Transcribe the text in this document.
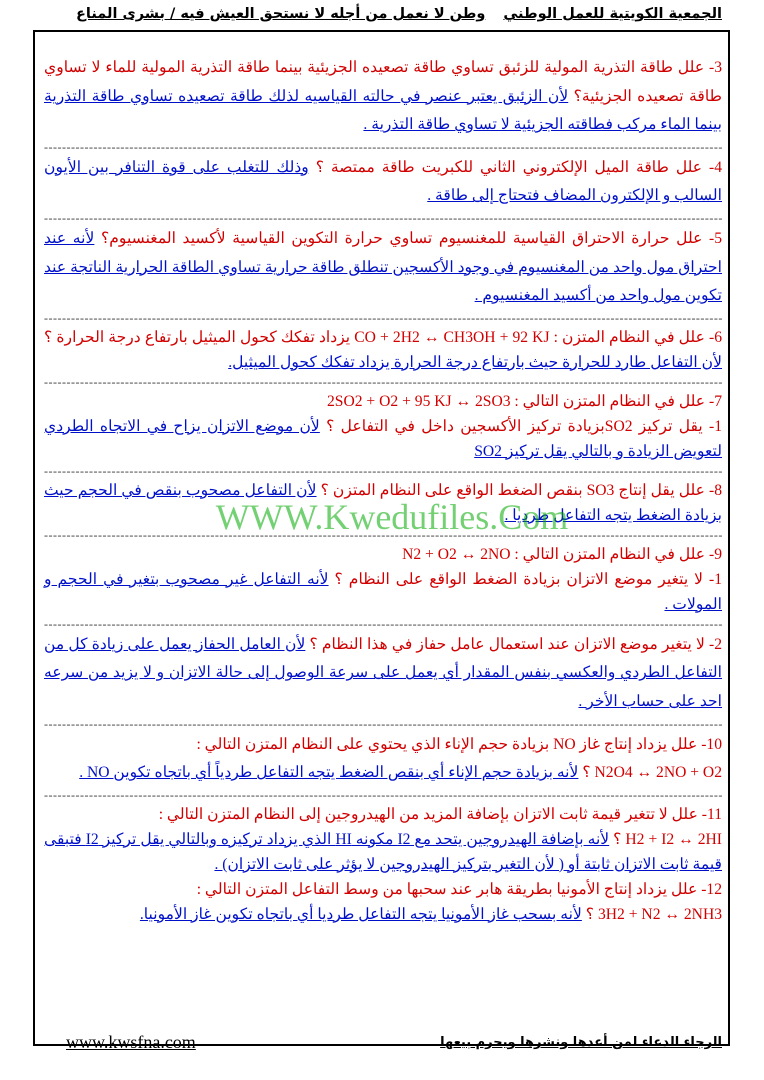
الجمعية الكويتية للعمل الوطنيوطن لا نعمل من أجله لا نستحق العيش فيه / بشرى المناع

3- علل طاقة التذرية المولية للزئبق تساوي طاقة تصعيده الجزيئية بينما طاقة التذرية المولية للماء لا تساوي طاقة تصعيده الجزيئية؟ لأن الزئبق يعتبر عنصر في حالته القياسيه لذلك طاقة تصعيده تساوي طاقة التذرية بينما الماء مركب فطاقته الجزيئية لا تساوي طاقة التذرية .

-----

4- علل طاقة الميل الإلكتروني الثاني للكبريت طاقة ممتصة ؟ وذلك للتغلب على قوة التنافر بين الأيون السالب و الإلكترون المضاف فتحتاج إلى طاقة .

-----

5- علل حرارة الاحتراق القياسية للمغنسيوم تساوي حرارة التكوين القياسية لأكسيد المغنسيوم؟ لأنه عند احتراق مول واحد من المغنسيوم في وجود الأكسجين تنطلق طاقة حرارية تساوي الطاقة الحرارية الناتجة عند تكوين مول واحد من أكسيد المغنسيوم .

-----

6- علل في النظام المتزن : CO + 2H2 ↔ CH3OH + 92 KJ يزداد تفكك كحول الميثيل بارتفاع درجة الحرارة ؟ لأن التفاعل طارد للحرارة حيث بارتفاع درجة الحرارة يزداد تفكك كحول الميثيل.

-----

7- علل في النظام المتزن التالي : 2SO2 + O2 + 95 KJ ↔ 2SO3
1- يقل تركيز SO2بزيادة تركيز الأكسجين داخل في التفاعل ؟ لأن موضع الاتزان يزاح في الاتجاه الطردي لتعويض الزيادة و بالتالي يقل تركيز SO2

-----

8- علل يقل إنتاج SO3 بنقص الضغط الواقع على النظام المتزن ؟ لأن التفاعل مصحوب بنقص في الحجم حيث بزيادة الضغط يتجه التفاعل طرديا .

-----

9- علل في النظام المتزن التالي : N2 + O2 ↔ 2NO
1- لا يتغير موضع الاتزان بزيادة الضغط الواقع على النظام ؟ لأنه التفاعل غير مصحوب بتغير في الحجم و المولات .

-----

2- لا يتغير موضع الاتزان عند استعمال عامل حفاز في هذا النظام ؟ لأن العامل الحفاز يعمل على زيادة كل من التفاعل الطردي والعكسي بنفس المقدار أي يعمل على سرعة الوصول إلى حالة الاتزان و لا يزيد من سرعه احد على حساب الأخر .

-----

10- علل يزداد إنتاج غاز NO بزيادة حجم الإناء الذي يحتوي على النظام المتزن التالي :
N2O4 ↔ 2NO + O2 ؟ لأنه بزيادة حجم الإناء أي بنقص الضغط يتجه التفاعل طردياً أي باتجاه تكوين NO .

-----

11- علل لا تتغير قيمة ثابت الاتزان بإضافة المزيد من الهيدروجين إلى النظام المتزن التالي :
H2 + I2 ↔ 2HI ؟ لأنه بإضافة الهيدروجين يتحد مع I2 مكونه HI الذي يزداد تركيزه وبالتالي يقل تركيز I2 فتبقى قيمة ثابت الاتزان ثابتة أو ( لأن التغير بتركيز الهيدروجين لا يؤثر على ثابت الاتزان) .

12- علل يزداد إنتاج الأمونيا بطريقة هابر عند سحبها من وسط التفاعل المتزن التالي :
3H2 + N2 ↔ 2NH3 ؟ لأنه بسحب غاز الأمونيا يتجه التفاعل طرديا أي باتجاه تكوين غاز الأمونيا.

WWW.Kwedufiles.Com
www.kwsfna.com	الرجاء الدعاء لمن أعدها ونشرها ويحرم بيعها
